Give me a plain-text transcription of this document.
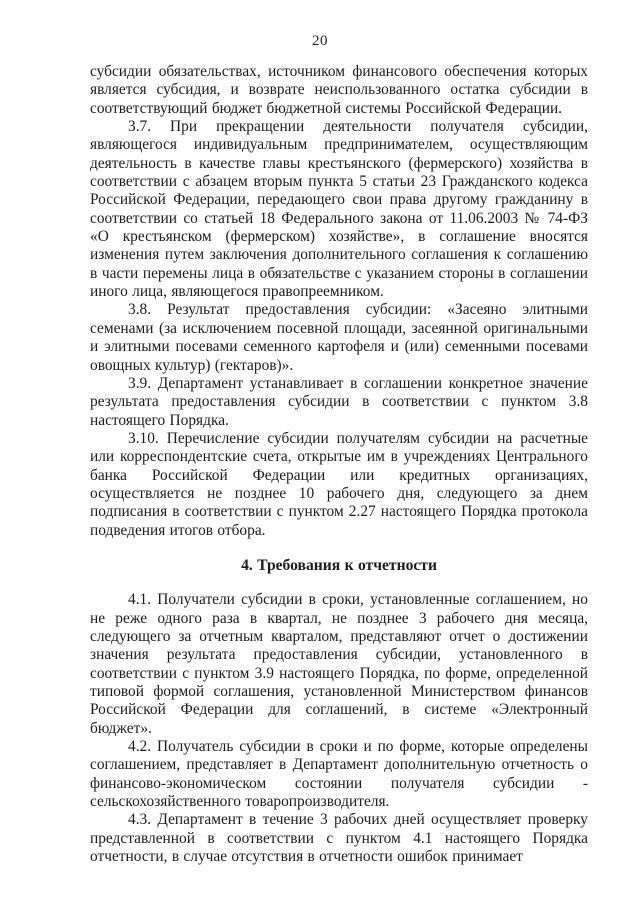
20

субсидии обязательствах, источником финансового обеспечения которых является субсидия, и возврате неиспользованного остатка субсидии в соответствующий бюджет бюджетной системы Российской Федерации.

3.7. При прекращении деятельности получателя субсидии, являющегося индивидуальным предпринимателем, осуществляющим деятельность в качестве главы крестьянского (фермерского) хозяйства в соответствии с абзацем вторым пункта 5 статьи 23 Гражданского кодекса Российской Федерации, передающего свои права другому гражданину в соответствии со статьей 18 Федерального закона от 11.06.2003 № 74-ФЗ «О крестьянском (фермерском) хозяйстве», в соглашение вносятся изменения путем заключения дополнительного соглашения к соглашению в части перемены лица в обязательстве с указанием стороны в соглашении иного лица, являющегося правопреемником.

3.8. Результат предоставления субсидии: «Засеяно элитными семенами (за исключением посевной площади, засеянной оригинальными и элитными посевами семенного картофеля и (или) семенными посевами овощных культур) (гектаров)».

3.9. Департамент устанавливает в соглашении конкретное значение результата предоставления субсидии в соответствии с пунктом 3.8 настоящего Порядка.

3.10. Перечисление субсидии получателям субсидии на расчетные или корреспондентские счета, открытые им в учреждениях Центрального банка Российской Федерации или кредитных организациях, осуществляется не позднее 10 рабочего дня, следующего за днем подписания в соответствии с пунктом 2.27 настоящего Порядка протокола подведения итогов отбора.

4. Требования к отчетности

4.1. Получатели субсидии в сроки, установленные соглашением, но не реже одного раза в квартал, не позднее 3 рабочего дня месяца, следующего за отчетным кварталом, представляют отчет о достижении значения результата предоставления субсидии, установленного в соответствии с пунктом 3.9 настоящего Порядка, по форме, определенной типовой формой соглашения, установленной Министерством финансов Российской Федерации для соглашений, в системе «Электронный бюджет».

4.2. Получатель субсидии в сроки и по форме, которые определены соглашением, представляет в Департамент дополнительную отчетность о финансово-экономическом состоянии получателя субсидии - сельскохозяйственного товаропроизводителя.

4.3. Департамент в течение 3 рабочих дней осуществляет проверку представленной в соответствии с пунктом 4.1 настоящего Порядка отчетности, в случае отсутствия в отчетности ошибок принимает
